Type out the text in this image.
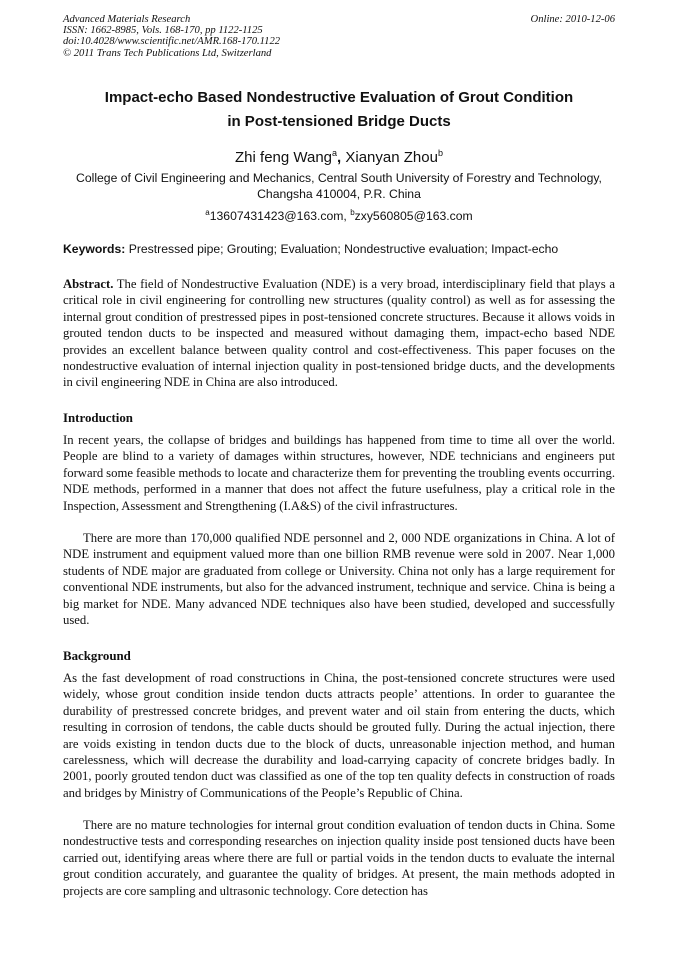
Advanced Materials Research
ISSN: 1662-8985, Vols. 168-170, pp 1122-1125
doi:10.4028/www.scientific.net/AMR.168-170.1122
© 2011 Trans Tech Publications Ltd, Switzerland
Online: 2010-12-06
Impact-echo Based Nondestructive Evaluation of Grout Condition
in Post-tensioned Bridge Ducts
Zhi feng Wang$^a$, Xianyan Zhou$^b$
College of Civil Engineering and Mechanics, Central South University of Forestry and Technology,
Changsha 410004, P.R. China
$^a$13607431423@163.com, $^b$zxy560805@163.com
Keywords: Prestressed pipe; Grouting; Evaluation; Nondestructive evaluation; Impact-echo

Abstract. The field of Nondestructive Evaluation (NDE) is a very broad, interdisciplinary field that plays a critical role in civil engineering for controlling new structures (quality control) as well as for assessing the internal grout condition of prestressed pipes in post-tensioned concrete structures. Because it allows voids in grouted tendon ducts to be inspected and measured without damaging them, impact-echo based NDE provides an excellent balance between quality control and cost-effectiveness. This paper focuses on the nondestructive evaluation of internal injection quality in post-tensioned bridge ducts, and the developments in civil engineering NDE in China are also introduced.

Introduction

In recent years, the collapse of bridges and buildings has happened from time to time all over the world. People are blind to a variety of damages within structures, however, NDE technicians and engineers put forward some feasible methods to locate and characterize them for preventing the troubling events occurring. NDE methods, performed in a manner that does not affect the future usefulness, play a critical role in the Inspection, Assessment and Strengthening (I.A&S) of the civil infrastructures.

There are more than 170,000 qualified NDE personnel and 2, 000 NDE organizations in China. A lot of NDE instrument and equipment valued more than one billion RMB revenue were sold in 2007. Near 1,000 students of NDE major are graduated from college or University. China not only has a large requirement for conventional NDE instruments, but also for the advanced instrument, technique and service. China is being a big market for NDE. Many advanced NDE techniques also have been studied, developed and successfully used.

Background

As the fast development of road constructions in China, the post-tensioned concrete structures were used widely, whose grout condition inside tendon ducts attracts people’ attentions. In order to guarantee the durability of prestressed concrete bridges, and prevent water and oil stain from entering the ducts, which resulting in corrosion of tendons, the cable ducts should be grouted fully. During the actual injection, there are voids existing in tendon ducts due to the block of ducts, unreasonable injection method, and human carelessness, which will decrease the durability and load-carrying capacity of concrete bridges badly. In 2001, poorly grouted tendon duct was classified as one of the top ten quality defects in construction of roads and bridges by Ministry of Communications of the People’s Republic of China.

There are no mature technologies for internal grout condition evaluation of tendon ducts in China. Some nondestructive tests and corresponding researches on injection quality inside post tensioned ducts have been carried out, identifying areas where there are full or partial voids in the tendon ducts to evaluate the internal grout condition accurately, and guarantee the quality of bridges. At present, the main methods adopted in projects are core sampling and ultrasonic technology. Core detection has
